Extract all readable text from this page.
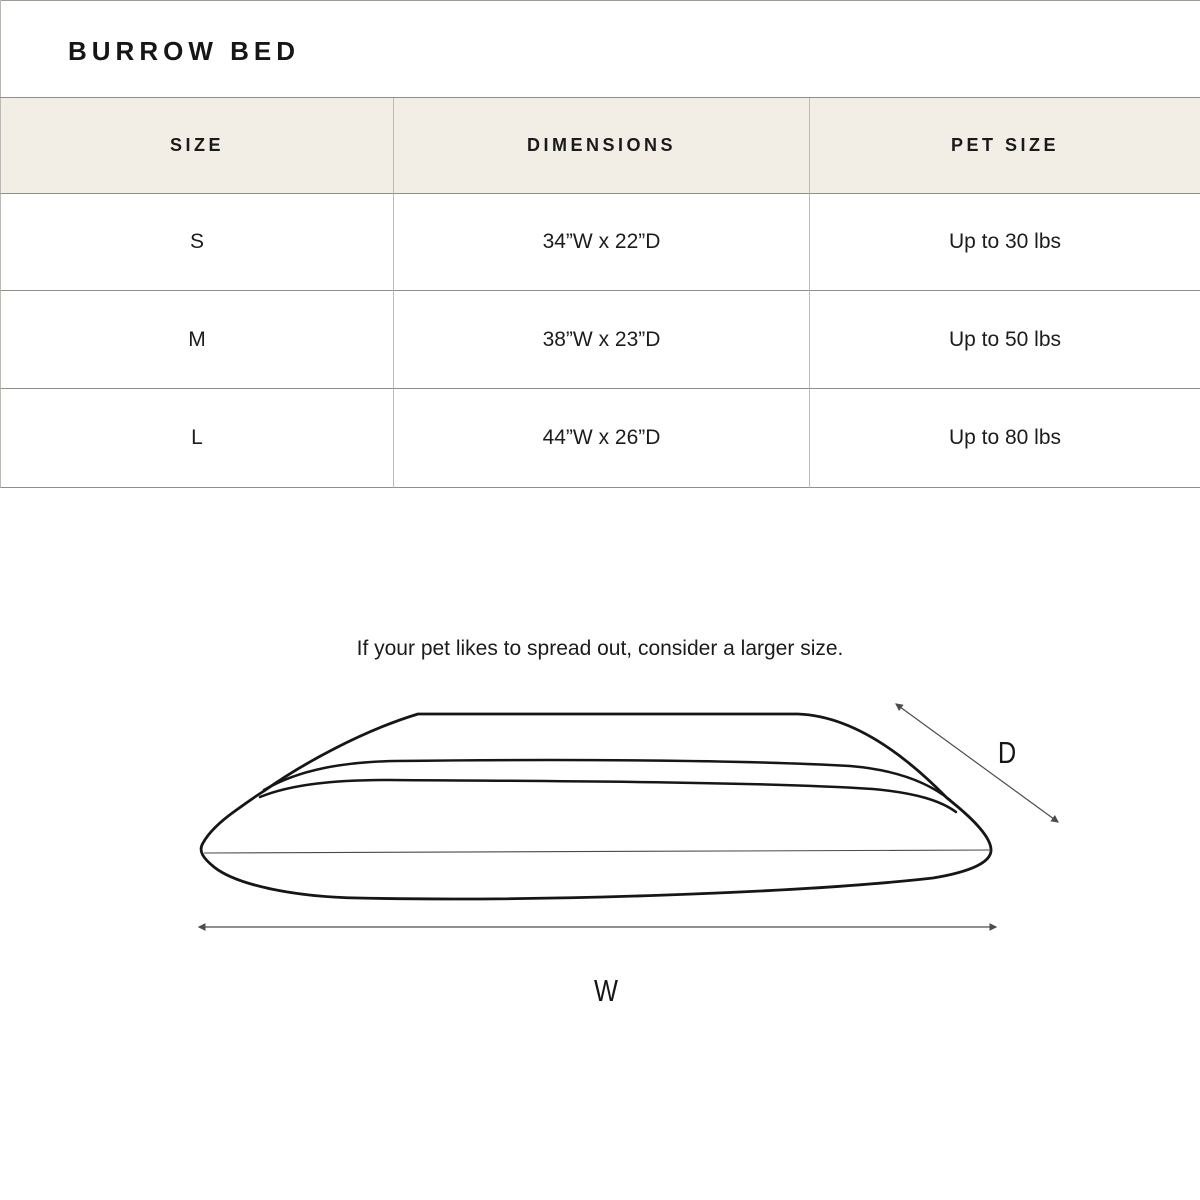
BURROW BED
SIZE	DIMENSIONS	PET SIZE
S	34”W x 22”D	Up to 30 lbs
M	38”W x 23”D	Up to 50 lbs
L	44”W x 26”D	Up to 80 lbs

If your pet likes to spread out, consider a larger size.

W
D
